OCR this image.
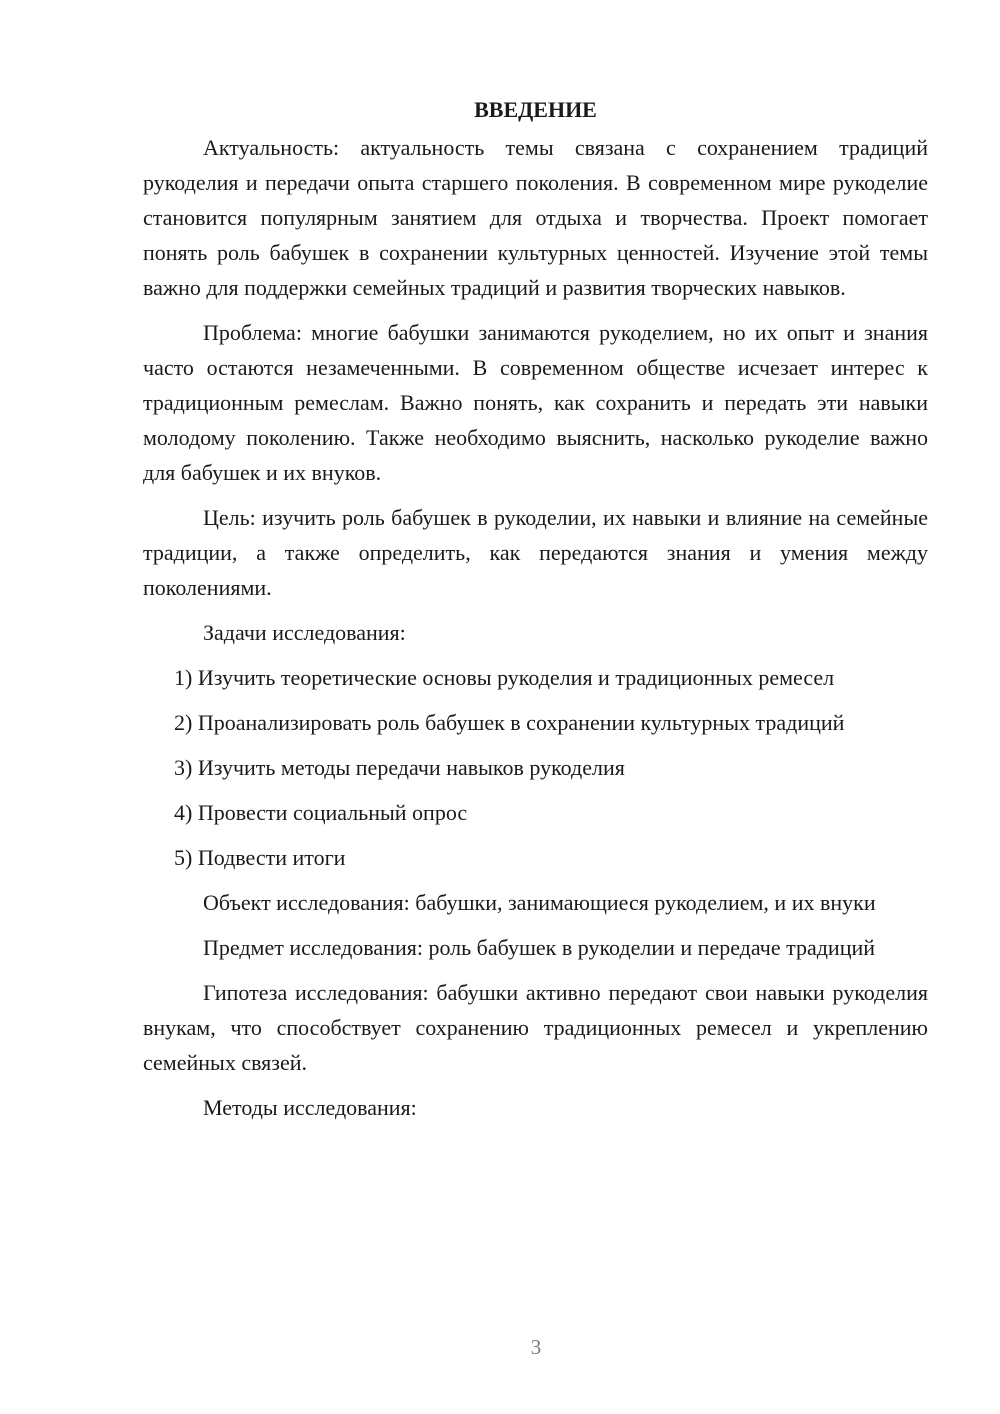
ВВЕДЕНИЕ

Актуальность: актуальность темы связана с сохранением традиций рукоделия и передачи опыта старшего поколения. В современном мире рукоделие становится популярным занятием для отдыха и творчества. Проект помогает понять роль бабушек в сохранении культурных ценностей. Изучение этой темы важно для поддержки семейных традиций и развития творческих навыков.

Проблема: многие бабушки занимаются рукоделием, но их опыт и знания часто остаются незамеченными. В современном обществе исчезает интерес к традиционным ремеслам. Важно понять, как сохранить и передать эти навыки молодому поколению. Также необходимо выяснить, насколько рукоделие важно для бабушек и их внуков.

Цель: изучить роль бабушек в рукоделии, их навыки и влияние на семейные традиции, а также определить, как передаются знания и умения между поколениями.

Задачи исследования:

1) Изучить теоретические основы рукоделия и традиционных ремесел

2) Проанализировать роль бабушек в сохранении культурных традиций

3) Изучить методы передачи навыков рукоделия

4) Провести социальный опрос

5) Подвести итоги

Объект исследования: бабушки, занимающиеся рукоделием, и их внуки

Предмет исследования: роль бабушек в рукоделии и передаче традиций

Гипотеза исследования: бабушки активно передают свои навыки рукоделия внукам, что способствует сохранению традиционных ремесел и укреплению семейных связей.

Методы исследования:

3
